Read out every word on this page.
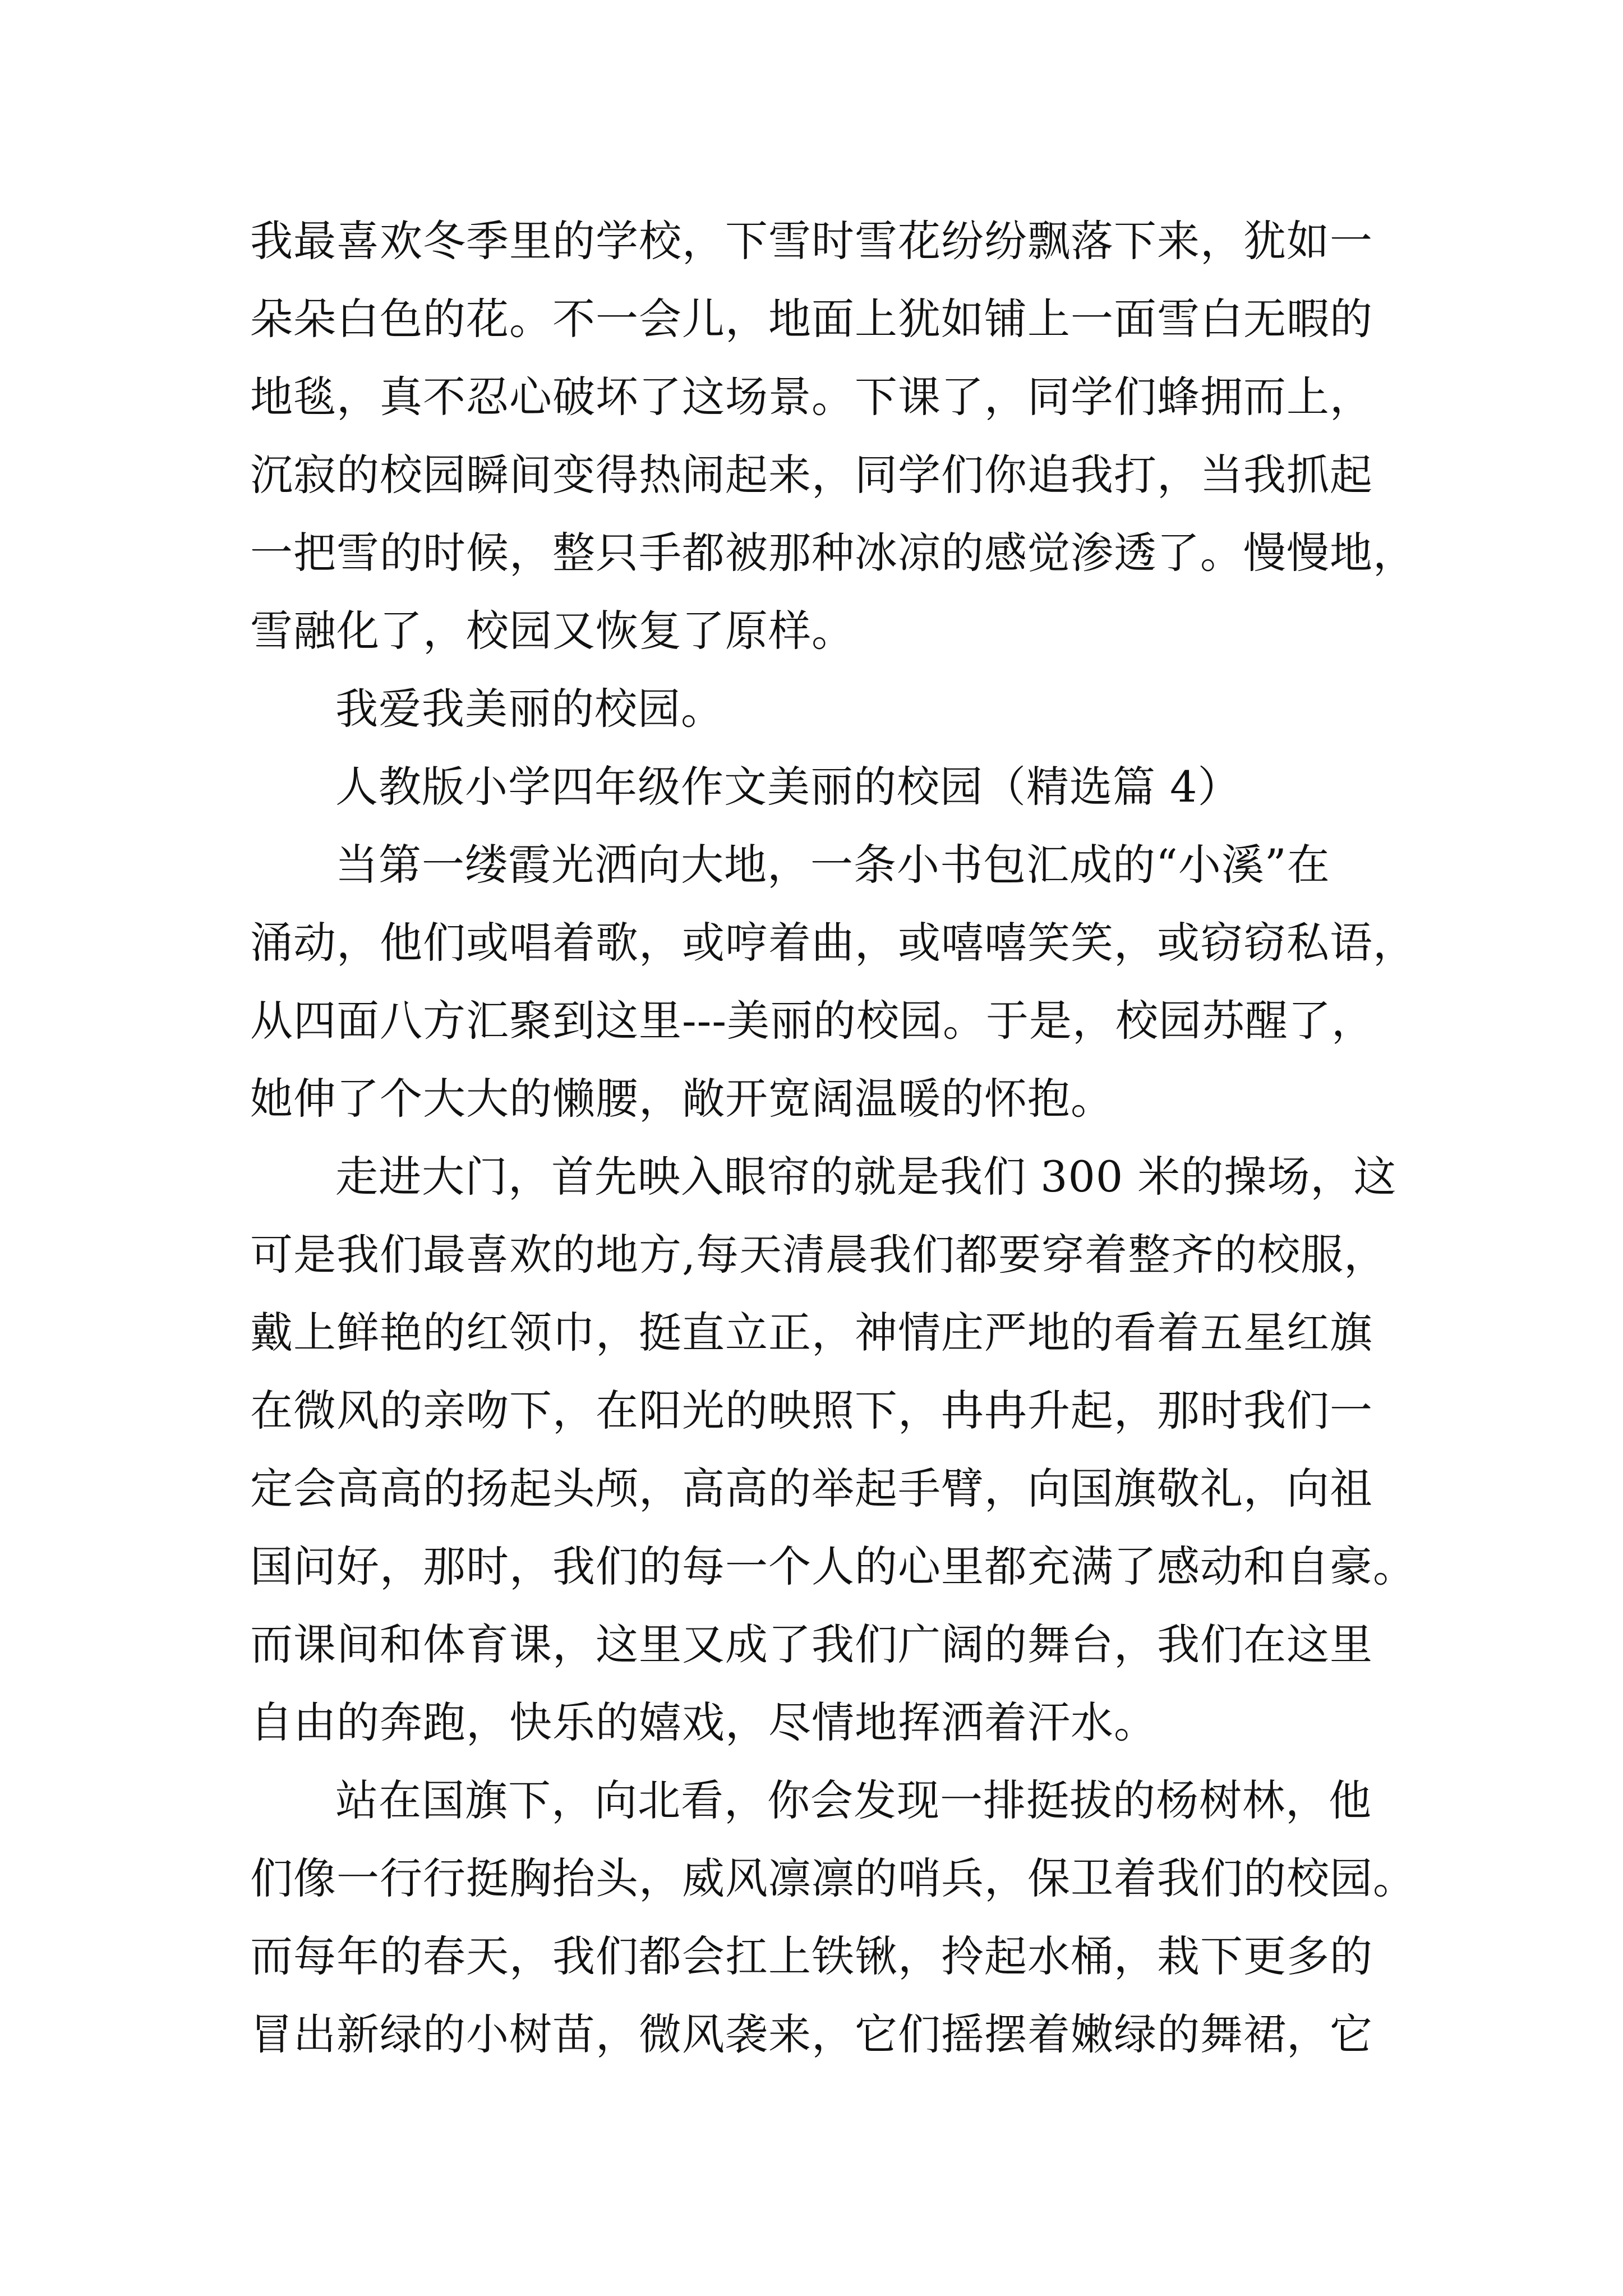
我最喜欢冬季里的学校，下雪时雪花纷纷飘落下来，犹如一
朵朵白色的花。不一会儿，地面上犹如铺上一面雪白无暇的
地毯，真不忍心破坏了这场景。下课了，同学们蜂拥而上，
沉寂的校园瞬间变得热闹起来，同学们你追我打，当我抓起
一把雪的时候，整只手都被那种冰凉的感觉渗透了。慢慢地，
雪融化了，校园又恢复了原样。
我爱我美丽的校园。
人教版小学四年级作文美丽的校园（精选篇 4）
当第一缕霞光洒向大地，一条小书包汇成的“小溪”在
涌动，他们或唱着歌，或哼着曲，或嘻嘻笑笑，或窃窃私语，
从四面八方汇聚到这里---美丽的校园。于是，校园苏醒了，
她伸了个大大的懒腰，敞开宽阔温暖的怀抱。
走进大门，首先映入眼帘的就是我们 300 米的操场，这
可是我们最喜欢的地方,每天清晨我们都要穿着整齐的校服，
戴上鲜艳的红领巾，挺直立正，神情庄严地的看着五星红旗
在微风的亲吻下，在阳光的映照下，冉冉升起，那时我们一
定会高高的扬起头颅，高高的举起手臂，向国旗敬礼，向祖
国问好，那时，我们的每一个人的心里都充满了感动和自豪。
而课间和体育课，这里又成了我们广阔的舞台，我们在这里
自由的奔跑，快乐的嬉戏，尽情地挥洒着汗水。
站在国旗下，向北看，你会发现一排挺拔的杨树林，他
们像一行行挺胸抬头，威风凛凛的哨兵，保卫着我们的校园。
而每年的春天，我们都会扛上铁锹，拎起水桶，栽下更多的
冒出新绿的小树苗，微风袭来，它们摇摆着嫩绿的舞裙，它
